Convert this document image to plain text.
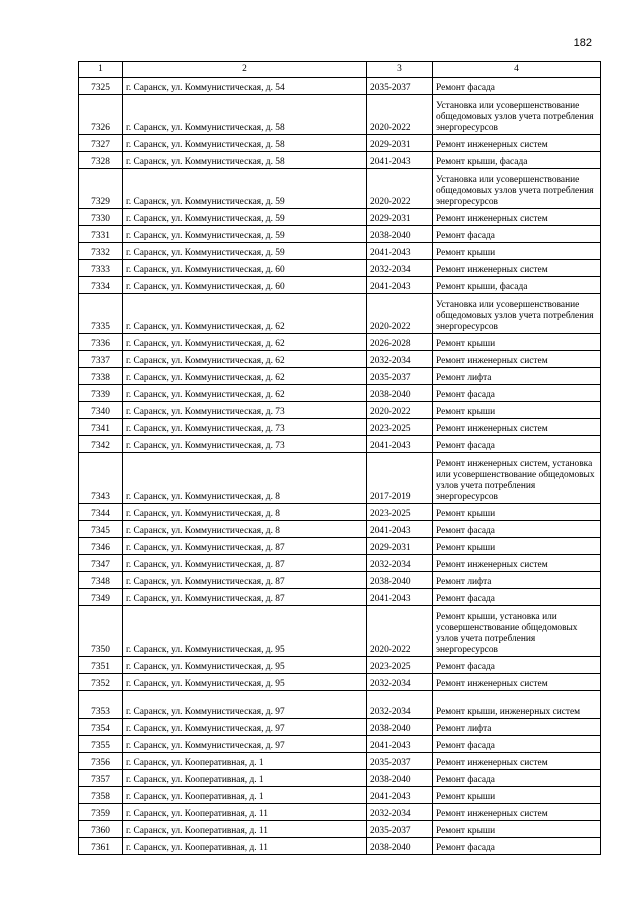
182
1	2	3	4
7325	г. Саранск, ул. Коммунистическая, д. 54	2035-2037	Ремонт фасада
7326	г. Саранск, ул. Коммунистическая, д. 58	2020-2022	Установка или усовершенствование общедомовых узлов учета потребления энергоресурсов
7327	г. Саранск, ул. Коммунистическая, д. 58	2029-2031	Ремонт инженерных систем
7328	г. Саранск, ул. Коммунистическая, д. 58	2041-2043	Ремонт крыши, фасада
7329	г. Саранск, ул. Коммунистическая, д. 59	2020-2022	Установка или усовершенствование общедомовых узлов учета потребления энергоресурсов
7330	г. Саранск, ул. Коммунистическая, д. 59	2029-2031	Ремонт инженерных систем
7331	г. Саранск, ул. Коммунистическая, д. 59	2038-2040	Ремонт фасада
7332	г. Саранск, ул. Коммунистическая, д. 59	2041-2043	Ремонт крыши
7333	г. Саранск, ул. Коммунистическая, д. 60	2032-2034	Ремонт инженерных систем
7334	г. Саранск, ул. Коммунистическая, д. 60	2041-2043	Ремонт крыши, фасада
7335	г. Саранск, ул. Коммунистическая, д. 62	2020-2022	Установка или усовершенствование общедомовых узлов учета потребления энергоресурсов
7336	г. Саранск, ул. Коммунистическая, д. 62	2026-2028	Ремонт крыши
7337	г. Саранск, ул. Коммунистическая, д. 62	2032-2034	Ремонт инженерных систем
7338	г. Саранск, ул. Коммунистическая, д. 62	2035-2037	Ремонт лифта
7339	г. Саранск, ул. Коммунистическая, д. 62	2038-2040	Ремонт фасада
7340	г. Саранск, ул. Коммунистическая, д. 73	2020-2022	Ремонт крыши
7341	г. Саранск, ул. Коммунистическая, д. 73	2023-2025	Ремонт инженерных систем
7342	г. Саранск, ул. Коммунистическая, д. 73	2041-2043	Ремонт фасада
7343	г. Саранск, ул. Коммунистическая, д. 8	2017-2019	Ремонт инженерных систем, установка или усовершенствование общедомовых узлов учета потребления энергоресурсов
7344	г. Саранск, ул. Коммунистическая, д. 8	2023-2025	Ремонт крыши
7345	г. Саранск, ул. Коммунистическая, д. 8	2041-2043	Ремонт фасада
7346	г. Саранск, ул. Коммунистическая, д. 87	2029-2031	Ремонт крыши
7347	г. Саранск, ул. Коммунистическая, д. 87	2032-2034	Ремонт инженерных систем
7348	г. Саранск, ул. Коммунистическая, д. 87	2038-2040	Ремонт лифта
7349	г. Саранск, ул. Коммунистическая, д. 87	2041-2043	Ремонт фасада
7350	г. Саранск, ул. Коммунистическая, д. 95	2020-2022	Ремонт крыши, установка или усовершенствование общедомовых узлов учета потребления энергоресурсов
7351	г. Саранск, ул. Коммунистическая, д. 95	2023-2025	Ремонт фасада
7352	г. Саранск, ул. Коммунистическая, д. 95	2032-2034	Ремонт инженерных систем
7353	г. Саранск, ул. Коммунистическая, д. 97	2032-2034	Ремонт крыши, инженерных систем
7354	г. Саранск, ул. Коммунистическая, д. 97	2038-2040	Ремонт лифта
7355	г. Саранск, ул. Коммунистическая, д. 97	2041-2043	Ремонт фасада
7356	г. Саранск, ул. Кооперативная, д. 1	2035-2037	Ремонт инженерных систем
7357	г. Саранск, ул. Кооперативная, д. 1	2038-2040	Ремонт фасада
7358	г. Саранск, ул. Кооперативная, д. 1	2041-2043	Ремонт крыши
7359	г. Саранск, ул. Кооперативная, д. 11	2032-2034	Ремонт инженерных систем
7360	г. Саранск, ул. Кооперативная, д. 11	2035-2037	Ремонт крыши
7361	г. Саранск, ул. Кооперативная, д. 11	2038-2040	Ремонт фасада
